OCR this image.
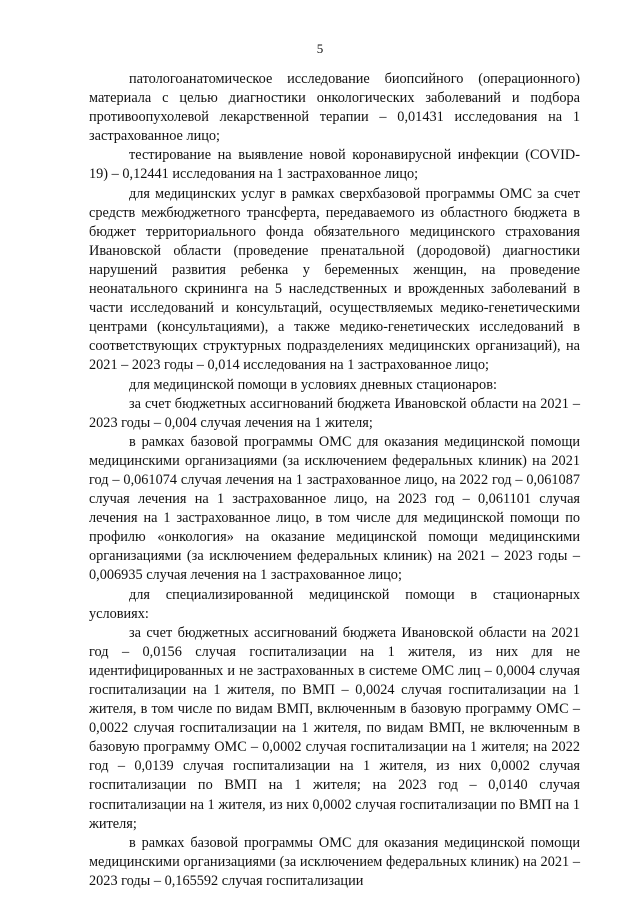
5

патологоанатомическое исследование биопсийного (операционного) материала с целью диагностики онкологических заболеваний и подбора противоопухолевой лекарственной терапии – 0,01431 исследования на 1 застрахованное лицо;

тестирование на выявление новой коронавирусной инфекции (COVID-19) – 0,12441 исследования на 1 застрахованное лицо;

для медицинских услуг в рамках сверхбазовой программы ОМС за счет средств межбюджетного трансферта, передаваемого из областного бюджета в бюджет территориального фонда обязательного медицинского страхования Ивановской области (проведение пренатальной (дородовой) диагностики нарушений развития ребенка у беременных женщин, на проведение неонатального скрининга на 5 наследственных и врожденных заболеваний в части исследований и консультаций, осуществляемых медико-генетическими центрами (консультациями), а также медико-генетических исследований в соответствующих структурных подразделениях медицинских организаций), на 2021 – 2023 годы – 0,014 исследования на 1 застрахованное лицо;

для медицинской помощи в условиях дневных стационаров:

за счет бюджетных ассигнований бюджета Ивановской области на 2021 – 2023 годы – 0,004 случая лечения на 1 жителя;

в рамках базовой программы ОМС для оказания медицинской помощи медицинскими организациями (за исключением федеральных клиник) на 2021 год – 0,061074 случая лечения на 1 застрахованное лицо, на 2022 год – 0,061087 случая лечения на 1 застрахованное лицо, на 2023 год – 0,061101 случая лечения на 1 застрахованное лицо, в том числе для медицинской помощи по профилю «онкология» на оказание медицинской помощи медицинскими организациями (за исключением федеральных клиник) на 2021 – 2023 годы – 0,006935 случая лечения на 1 застрахованное лицо;

для специализированной медицинской помощи в стационарных условиях:

за счет бюджетных ассигнований бюджета Ивановской области на 2021 год – 0,0156 случая госпитализации на 1 жителя, из них для не идентифицированных и не застрахованных в системе ОМС лиц – 0,0004 случая госпитализации на 1 жителя, по ВМП – 0,0024 случая госпитализации на 1 жителя, в том числе по видам ВМП, включенным в базовую программу ОМС – 0,0022 случая госпитализации на 1 жителя, по видам ВМП, не включенным в базовую программу ОМС – 0,0002 случая госпитализации на 1 жителя; на 2022 год – 0,0139 случая госпитализации на 1 жителя, из них 0,0002 случая госпитализации по ВМП на 1 жителя; на 2023 год – 0,0140 случая госпитализации на 1 жителя, из них 0,0002 случая госпитализации по ВМП на 1 жителя;

в рамках базовой программы ОМС для оказания медицинской помощи медицинскими организациями (за исключением федеральных клиник) на 2021 – 2023 годы – 0,165592 случая госпитализации
